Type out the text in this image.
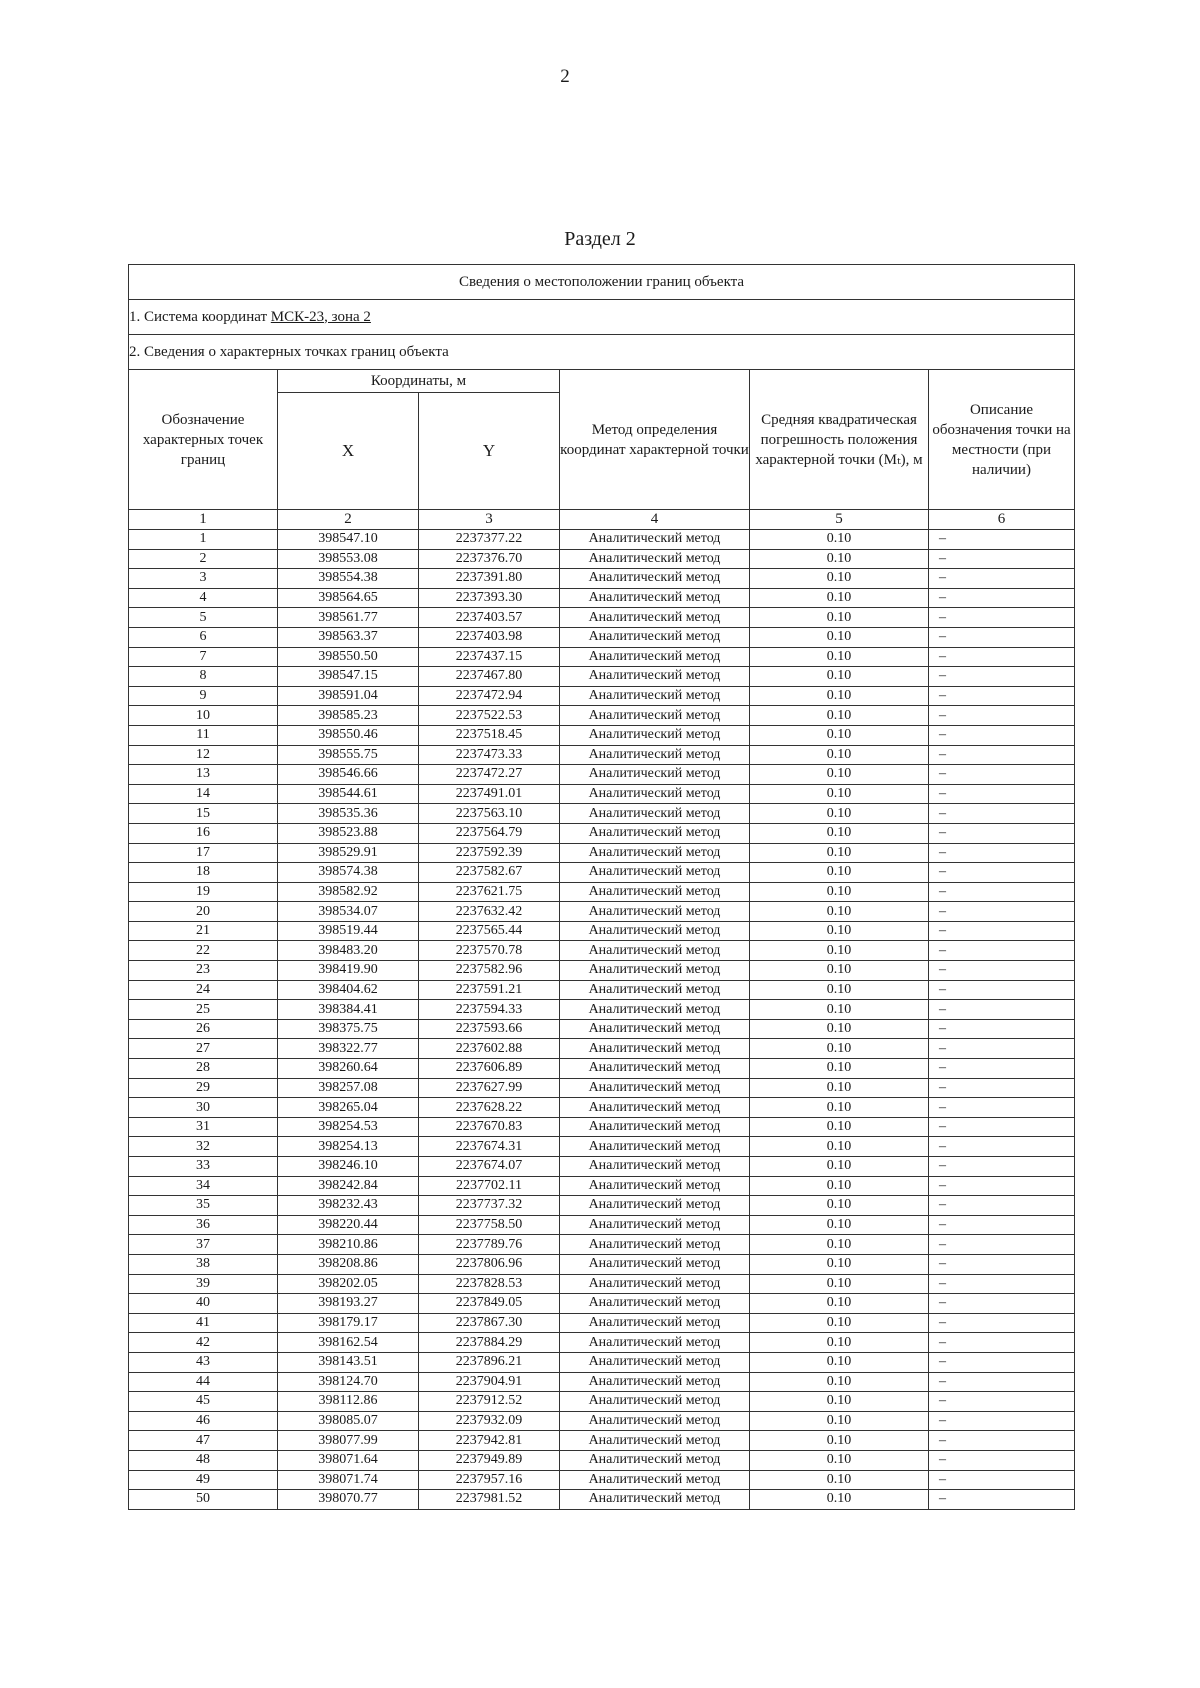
2
Раздел 2
Сведения о местоположении границ объекта					
1. Система координат МСК-23, зона 2					
2. Сведения о характерных точках границ объекта					
Обозначение характерных точек границ	Координаты, м		Метод определения координат характерной точки	Средняя квадратическая погрешность положения характерной точки (Mₜ), м	Описание обозначения точки на местности (при наличии)
	X	Y			
1	2	3	4	5	6
1	398547.10	2237377.22	Аналитический метод	0.10	–
2	398553.08	2237376.70	Аналитический метод	0.10	–
3	398554.38	2237391.80	Аналитический метод	0.10	–
4	398564.65	2237393.30	Аналитический метод	0.10	–
5	398561.77	2237403.57	Аналитический метод	0.10	–
6	398563.37	2237403.98	Аналитический метод	0.10	–
7	398550.50	2237437.15	Аналитический метод	0.10	–
8	398547.15	2237467.80	Аналитический метод	0.10	–
9	398591.04	2237472.94	Аналитический метод	0.10	–
10	398585.23	2237522.53	Аналитический метод	0.10	–
11	398550.46	2237518.45	Аналитический метод	0.10	–
12	398555.75	2237473.33	Аналитический метод	0.10	–
13	398546.66	2237472.27	Аналитический метод	0.10	–
14	398544.61	2237491.01	Аналитический метод	0.10	–
15	398535.36	2237563.10	Аналитический метод	0.10	–
16	398523.88	2237564.79	Аналитический метод	0.10	–
17	398529.91	2237592.39	Аналитический метод	0.10	–
18	398574.38	2237582.67	Аналитический метод	0.10	–
19	398582.92	2237621.75	Аналитический метод	0.10	–
20	398534.07	2237632.42	Аналитический метод	0.10	–
21	398519.44	2237565.44	Аналитический метод	0.10	–
22	398483.20	2237570.78	Аналитический метод	0.10	–
23	398419.90	2237582.96	Аналитический метод	0.10	–
24	398404.62	2237591.21	Аналитический метод	0.10	–
25	398384.41	2237594.33	Аналитический метод	0.10	–
26	398375.75	2237593.66	Аналитический метод	0.10	–
27	398322.77	2237602.88	Аналитический метод	0.10	–
28	398260.64	2237606.89	Аналитический метод	0.10	–
29	398257.08	2237627.99	Аналитический метод	0.10	–
30	398265.04	2237628.22	Аналитический метод	0.10	–
31	398254.53	2237670.83	Аналитический метод	0.10	–
32	398254.13	2237674.31	Аналитический метод	0.10	–
33	398246.10	2237674.07	Аналитический метод	0.10	–
34	398242.84	2237702.11	Аналитический метод	0.10	–
35	398232.43	2237737.32	Аналитический метод	0.10	–
36	398220.44	2237758.50	Аналитический метод	0.10	–
37	398210.86	2237789.76	Аналитический метод	0.10	–
38	398208.86	2237806.96	Аналитический метод	0.10	–
39	398202.05	2237828.53	Аналитический метод	0.10	–
40	398193.27	2237849.05	Аналитический метод	0.10	–
41	398179.17	2237867.30	Аналитический метод	0.10	–
42	398162.54	2237884.29	Аналитический метод	0.10	–
43	398143.51	2237896.21	Аналитический метод	0.10	–
44	398124.70	2237904.91	Аналитический метод	0.10	–
45	398112.86	2237912.52	Аналитический метод	0.10	–
46	398085.07	2237932.09	Аналитический метод	0.10	–
47	398077.99	2237942.81	Аналитический метод	0.10	–
48	398071.64	2237949.89	Аналитический метод	0.10	–
49	398071.74	2237957.16	Аналитический метод	0.10	–
50	398070.77	2237981.52	Аналитический метод	0.10	–
